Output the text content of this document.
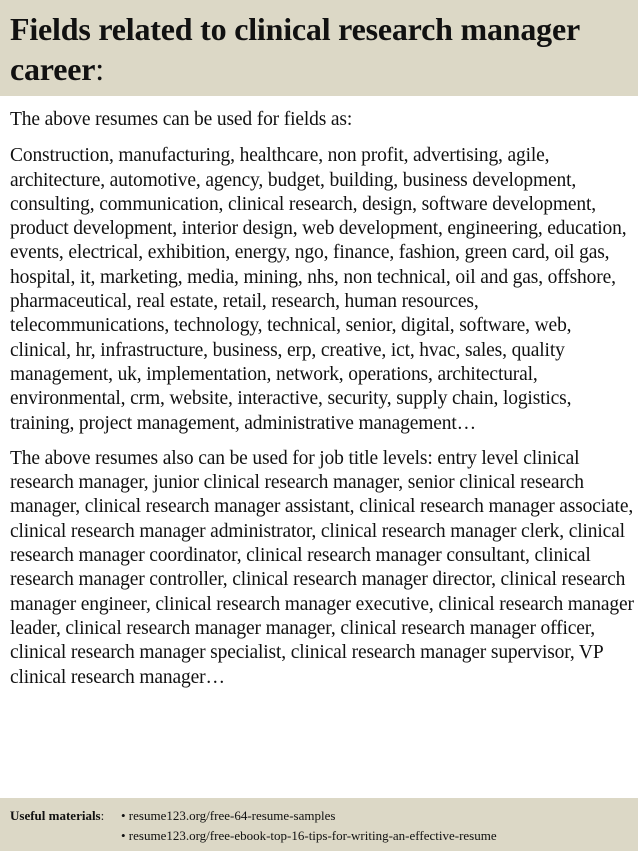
Fields related to clinical research manager career:

The above resumes can be used for fields as:

Construction, manufacturing, healthcare, non profit, advertising, agile, architecture, automotive, agency, budget, building, business development, consulting, communication, clinical research, design, software development, product development, interior design, web development, engineering, education, events, electrical, exhibition, energy, ngo, finance, fashion, green card, oil gas, hospital, it, marketing, media, mining, nhs, non technical, oil and gas, offshore, pharmaceutical, real estate, retail, research, human resources, telecommunications, technology, technical, senior, digital, software, web, clinical, hr, infrastructure, business, erp, creative, ict, hvac, sales, quality management, uk, implementation, network, operations, architectural, environmental, crm, website, interactive, security, supply chain, logistics, training, project management, administrative management…

The above resumes also can be used for job title levels: entry level clinical research manager, junior clinical research manager, senior clinical research manager, clinical research manager assistant, clinical research manager associate, clinical research manager administrator, clinical research manager clerk, clinical research manager coordinator, clinical research manager consultant, clinical research manager controller, clinical research manager director, clinical research manager engineer, clinical research manager executive, clinical research manager leader, clinical research manager manager, clinical research manager officer, clinical research manager specialist, clinical research manager supervisor, VP clinical research manager…

Useful materials:	• resume123.org/free-64-resume-samples
• resume123.org/free-ebook-top-16-tips-for-writing-an-effective-resume
